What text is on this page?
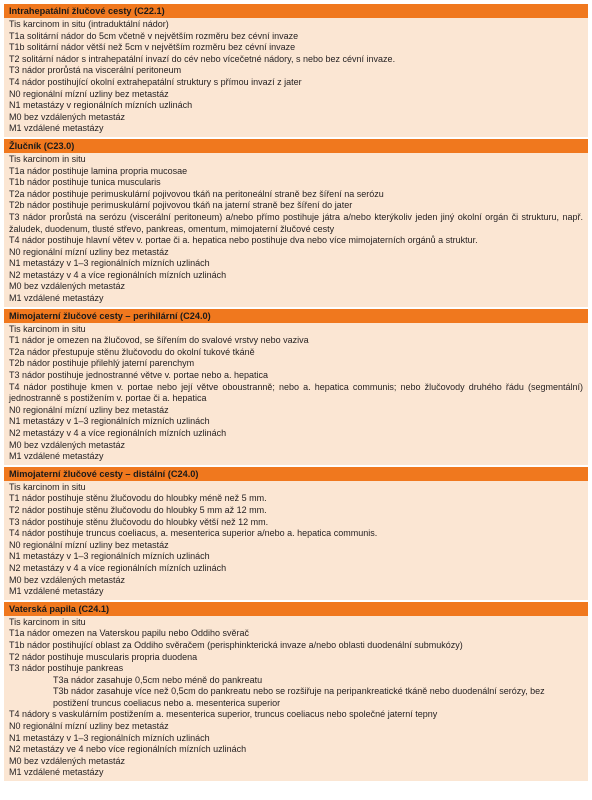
Intrahepatální žlučové cesty (C22.1)
Tis karcinom in situ (intraduktální nádor)
T1a solitární nádor do 5cm včetně v největším rozměru bez cévní invaze
T1b solitární nádor větší než 5cm v největším rozměru bez cévní invaze
T2 solitární nádor s intrahepatální invazí do cév nebo vícečetné nádory, s nebo bez cévní invaze.
T3 nádor prorůstá na viscerální peritoneum
T4 nádor postihující okolní extrahepatální struktury s přímou invazí z jater
N0 regionální mízní uzliny bez metastáz
N1 metastázy v regionálních mízních uzlinách
M0 bez vzdálených metastáz
M1 vzdálené metastázy
Žlučník (C23.0)
Tis karcinom in situ
T1a nádor postihuje lamina propria mucosae
T1b nádor postihuje tunica muscularis
T2a nádor postihuje perimuskulární pojivovou tkáň na peritoneální straně bez šíření na serózu
T2b nádor postihuje perimuskulární pojivovou tkáň na jaterní straně bez šíření do jater
T3 nádor prorůstá na serózu (viscerální peritoneum) a/nebo přímo postihuje játra a/nebo kterýkoliv jeden jiný okolní orgán či strukturu, např. žaludek, duodenum, tlusté střevo, pankreas, omentum, mimojaterní žlučové cesty
T4 nádor postihuje hlavní větev v. portae či a. hepatica nebo postihuje dva nebo více mimojaterních orgánů a struktur.
N0 regionální mízní uzliny bez metastáz
N1 metastázy v 1–3 regionálních mízních uzlinách
N2 metastázy v 4 a více regionálních mízních uzlinách
M0 bez vzdálených metastáz
M1 vzdálené metastázy
Mimojaterní žlučové cesty – perihilární (C24.0)
Tis karcinom in situ
T1 nádor je omezen na žlučovod, se šířením do svalové vrstvy nebo vaziva
T2a nádor přestupuje stěnu žlučovodu do okolní tukové tkáně
T2b nádor postihuje přilehlý jaterní parenchym
T3 nádor postihuje jednostranné větve v. portae nebo a. hepatica
T4 nádor postihuje kmen v. portae nebo její větve oboustranně; nebo a. hepatica communis; nebo žlučovody druhého řádu (segmentální) jednostranně s postižením v. portae či a. hepatica
N0 regionální mízní uzliny bez metastáz
N1 metastázy v 1–3 regionálních mízních uzlinách
N2 metastázy v 4 a více regionálních mízních uzlinách
M0 bez vzdálených metastáz
M1 vzdálené metastázy
Mimojaterní žlučové cesty – distální (C24.0)
Tis karcinom in situ
T1 nádor postihuje stěnu žlučovodu do hloubky méně než 5 mm.
T2 nádor postihuje stěnu žlučovodu do hloubky 5 mm až 12 mm.
T3 nádor postihuje stěnu žlučovodu do hloubky větší než 12 mm.
T4 nádor postihuje truncus coeliacus, a. mesenterica superior a/nebo a. hepatica communis.
N0 regionální mízní uzliny bez metastáz
N1 metastázy v 1–3 regionálních mízních uzlinách
N2 metastázy v 4 a více regionálních mízních uzlinách
M0 bez vzdálených metastáz
M1 vzdálené metastázy
Vaterská papila (C24.1)
Tis karcinom in situ
T1a nádor omezen na Vaterskou papilu nebo Oddiho svěrač
T1b nádor postihující oblast za Oddiho svěračem (perisphinkterická invaze a/nebo oblasti duodenální submukózy)
T2 nádor postihuje muscularis propria duodena
T3 nádor postihuje pankreas
T3a nádor zasahuje 0,5cm nebo méně do pankreatu
T3b nádor zasahuje více než 0,5cm do pankreatu nebo se rozšiřuje na peripankreatické tkáně nebo duodenální serózy, bez postižení truncus coeliacus nebo a. mesenterica superior
T4 nádory s vaskulárním postižením a. mesenterica superior, truncus coeliacus nebo společné jaterní tepny
N0 regionální mízní uzliny bez metastáz
N1 metastázy v 1–3 regionálních mízních uzlinách
N2 metastázy ve 4 nebo více regionálních mízních uzlinách
M0 bez vzdálených metastáz
M1 vzdálené metastázy
